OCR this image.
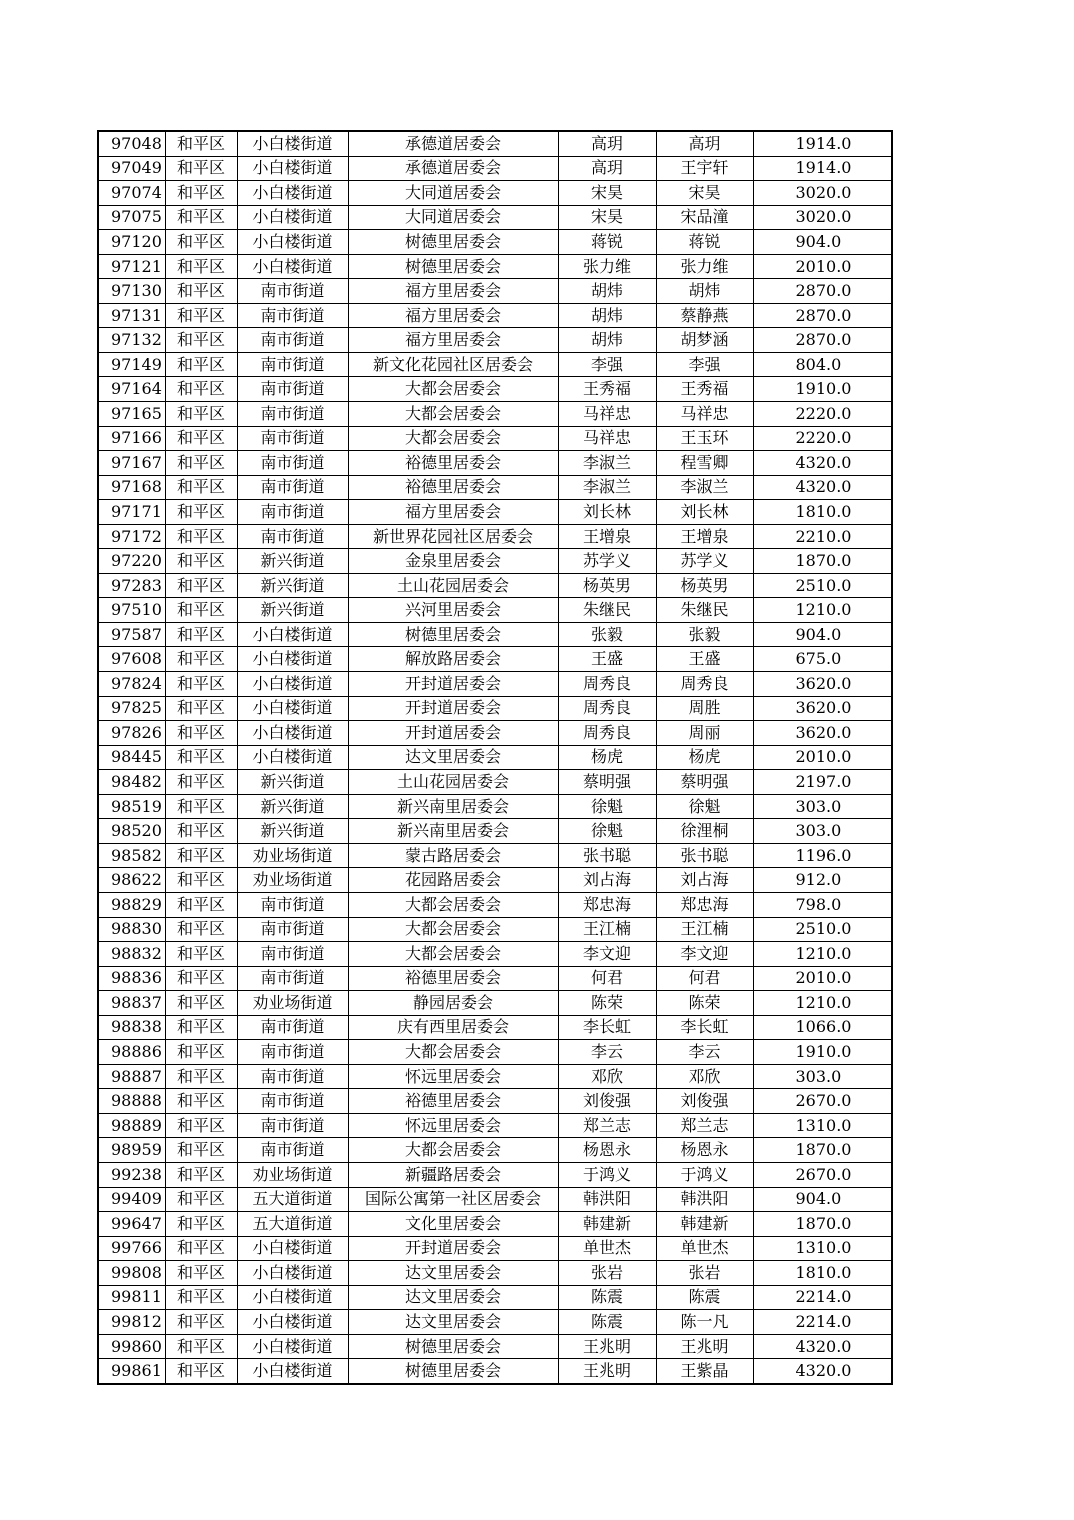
97048	和平区	小白楼街道	承德道居委会	高玥	高玥	1914.0
97049	和平区	小白楼街道	承德道居委会	高玥	王宇轩	1914.0
97074	和平区	小白楼街道	大同道居委会	宋昊	宋昊	3020.0
97075	和平区	小白楼街道	大同道居委会	宋昊	宋品潼	3020.0
97120	和平区	小白楼街道	树德里居委会	蒋锐	蒋锐	904.0
97121	和平区	小白楼街道	树德里居委会	张力维	张力维	2010.0
97130	和平区	南市街道	福方里居委会	胡炜	胡炜	2870.0
97131	和平区	南市街道	福方里居委会	胡炜	蔡静燕	2870.0
97132	和平区	南市街道	福方里居委会	胡炜	胡梦涵	2870.0
97149	和平区	南市街道	新文化花园社区居委会	李强	李强	804.0
97164	和平区	南市街道	大都会居委会	王秀福	王秀福	1910.0
97165	和平区	南市街道	大都会居委会	马祥忠	马祥忠	2220.0
97166	和平区	南市街道	大都会居委会	马祥忠	王玉环	2220.0
97167	和平区	南市街道	裕德里居委会	李淑兰	程雪卿	4320.0
97168	和平区	南市街道	裕德里居委会	李淑兰	李淑兰	4320.0
97171	和平区	南市街道	福方里居委会	刘长林	刘长林	1810.0
97172	和平区	南市街道	新世界花园社区居委会	王增泉	王增泉	2210.0
97220	和平区	新兴街道	金泉里居委会	苏学义	苏学义	1870.0
97283	和平区	新兴街道	土山花园居委会	杨英男	杨英男	2510.0
97510	和平区	新兴街道	兴河里居委会	朱继民	朱继民	1210.0
97587	和平区	小白楼街道	树德里居委会	张毅	张毅	904.0
97608	和平区	小白楼街道	解放路居委会	王盛	王盛	675.0
97824	和平区	小白楼街道	开封道居委会	周秀良	周秀良	3620.0
97825	和平区	小白楼街道	开封道居委会	周秀良	周胜	3620.0
97826	和平区	小白楼街道	开封道居委会	周秀良	周丽	3620.0
98445	和平区	小白楼街道	达文里居委会	杨虎	杨虎	2010.0
98482	和平区	新兴街道	土山花园居委会	蔡明强	蔡明强	2197.0
98519	和平区	新兴街道	新兴南里居委会	徐魁	徐魁	303.0
98520	和平区	新兴街道	新兴南里居委会	徐魁	徐浬桐	303.0
98582	和平区	劝业场街道	蒙古路居委会	张书聪	张书聪	1196.0
98622	和平区	劝业场街道	花园路居委会	刘占海	刘占海	912.0
98829	和平区	南市街道	大都会居委会	郑忠海	郑忠海	798.0
98830	和平区	南市街道	大都会居委会	王江楠	王江楠	2510.0
98832	和平区	南市街道	大都会居委会	李文迎	李文迎	1210.0
98836	和平区	南市街道	裕德里居委会	何君	何君	2010.0
98837	和平区	劝业场街道	静园居委会	陈荣	陈荣	1210.0
98838	和平区	南市街道	庆有西里居委会	李长虹	李长虹	1066.0
98886	和平区	南市街道	大都会居委会	李云	李云	1910.0
98887	和平区	南市街道	怀远里居委会	邓欣	邓欣	303.0
98888	和平区	南市街道	裕德里居委会	刘俊强	刘俊强	2670.0
98889	和平区	南市街道	怀远里居委会	郑兰志	郑兰志	1310.0
98959	和平区	南市街道	大都会居委会	杨恩永	杨恩永	1870.0
99238	和平区	劝业场街道	新疆路居委会	于鸿义	于鸿义	2670.0
99409	和平区	五大道街道	国际公寓第一社区居委会	韩洪阳	韩洪阳	904.0
99647	和平区	五大道街道	文化里居委会	韩建新	韩建新	1870.0
99766	和平区	小白楼街道	开封道居委会	单世杰	单世杰	1310.0
99808	和平区	小白楼街道	达文里居委会	张岩	张岩	1810.0
99811	和平区	小白楼街道	达文里居委会	陈震	陈震	2214.0
99812	和平区	小白楼街道	达文里居委会	陈震	陈一凡	2214.0
99860	和平区	小白楼街道	树德里居委会	王兆明	王兆明	4320.0
99861	和平区	小白楼街道	树德里居委会	王兆明	王紫晶	4320.0
